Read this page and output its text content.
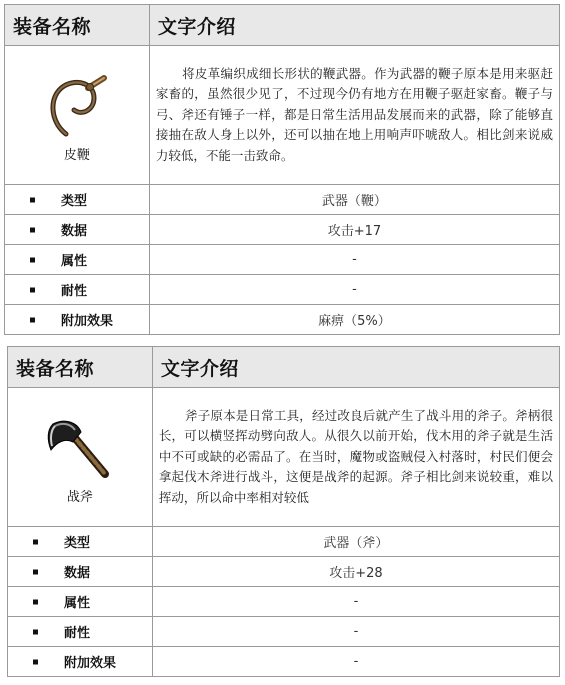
装备名称	文字介绍

皮鞭	将皮革编织成细长形状的鞭武器。作为武器的鞭子原本是用来驱赶家畜的，虽然很少见了，不过现今仍有地方在用鞭子驱赶家畜。鞭子与弓、斧还有锤子一样，都是日常生活用品发展而来的武器，除了能够直接抽在敌人身上以外，还可以抽在地上用响声吓唬敌人。相比剑来说威力较低，不能一击致命。
类型	武器（鞭）
数据	攻击+17
属性	-
耐性	-
附加效果	麻痹（5%）
装备名称	文字介绍

战斧	斧子原本是日常工具，经过改良后就产生了战斗用的斧子。斧柄很长，可以横竖挥动劈向敌人。从很久以前开始，伐木用的斧子就是生活中不可或缺的必需品了。在当时，魔物或盗贼侵入村落时，村民们便会拿起伐木斧进行战斗，这便是战斧的起源。斧子相比剑来说较重，难以挥动，所以命中率相对较低
类型	武器（斧）
数据	攻击+28
属性	-
耐性	-
附加效果	-
